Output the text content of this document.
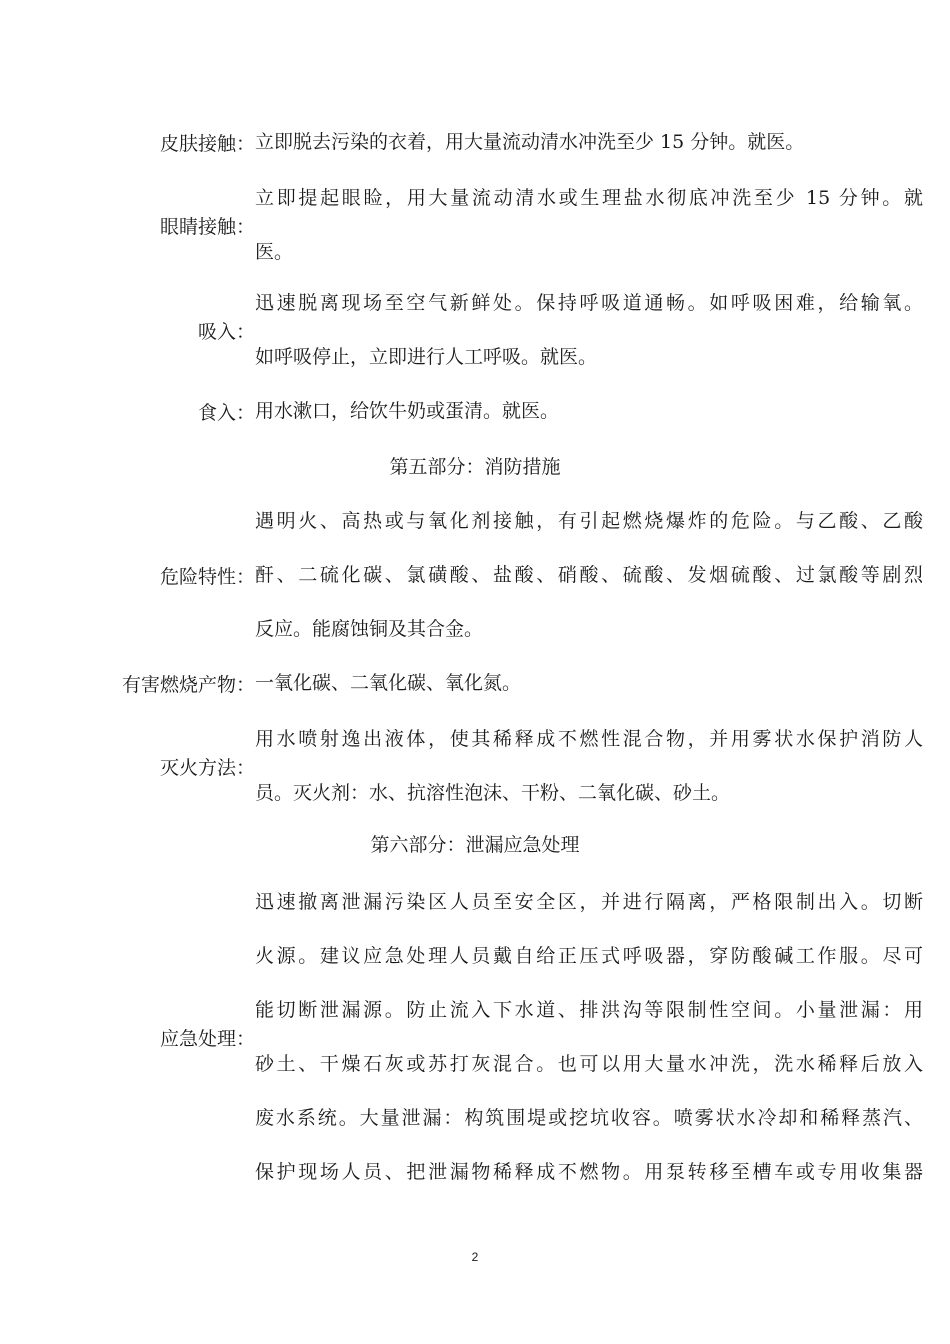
皮肤接触： 立即脱去污染的衣着，用大量流动清水冲洗至少 15 分钟。就医。
眼睛接触：
立即提起眼睑，用大量流动清水或生理盐水彻底冲洗至少 15 分钟。就
医。
吸入：
迅速脱离现场至空气新鲜处。保持呼吸道通畅。如呼吸困难，给输氧。
如呼吸停止，立即进行人工呼吸。就医。
食入： 用水漱口，给饮牛奶或蛋清。就医。
第五部分：消防措施
危险特性：
遇明火、高热或与氧化剂接触，有引起燃烧爆炸的危险。与乙酸、乙酸
酐、二硫化碳、氯磺酸、盐酸、硝酸、硫酸、发烟硫酸、过氯酸等剧烈
反应。能腐蚀铜及其合金。
有害燃烧产物： 一氧化碳、二氧化碳、氧化氮。
灭火方法：
用水喷射逸出液体，使其稀释成不燃性混合物，并用雾状水保护消防人
员。灭火剂：水、抗溶性泡沫、干粉、二氧化碳、砂土。
第六部分：泄漏应急处理
应急处理：
迅速撤离泄漏污染区人员至安全区，并进行隔离，严格限制出入。切断
火源。建议应急处理人员戴自给正压式呼吸器，穿防酸碱工作服。尽可
能切断泄漏源。防止流入下水道、排洪沟等限制性空间。小量泄漏：用
砂土、干燥石灰或苏打灰混合。也可以用大量水冲洗，洗水稀释后放入
废水系统。大量泄漏：构筑围堤或挖坑收容。喷雾状水冷却和稀释蒸汽、
保护现场人员、把泄漏物稀释成不燃物。用泵转移至槽车或专用收集器
2
